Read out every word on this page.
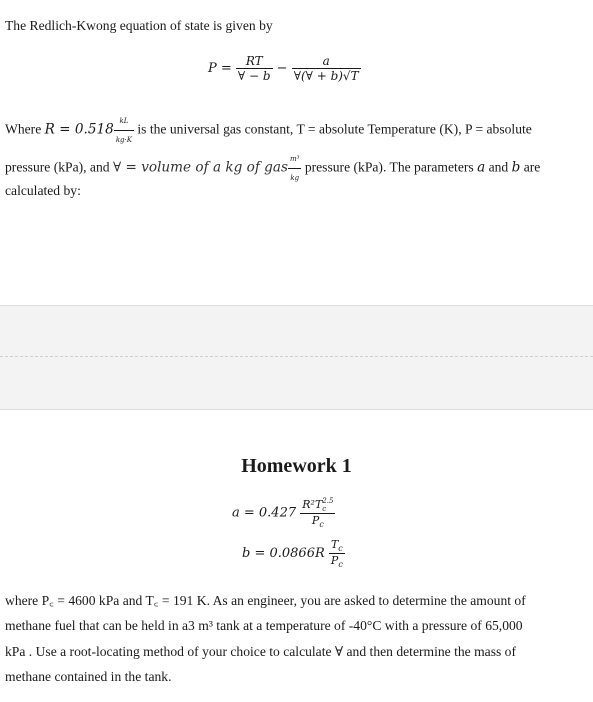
The Redlich-Kwong equation of state is given by
$P = \frac{RT}{\forall - b} - \frac{a}{\forall(\forall + b)√T}$
Where $R = 0.518 \frac{kL}{kg\cdot K}$ is the universal gas constant, T = absolute Temperature (K), P = absolute
pressure (kPa), and ∀ = volume of a kg of gas $\frac{\text{m³}}{kg}$ pressure (kPa). The parameters a and b are
calculated by:
Homework 1
a = 0.427 R²T 2.5
c
$P_c$
$b = 0.0866R \frac{T_c}{P_c}$
where P꜀ = 4600 kPa and T꜀ = 191 K. As an engineer, you are asked to determine the amount of
methane fuel that can be held in a3 m³ tank at a temperature of -40°C with a pressure of 65,000
kPa . Use a root-locating method of your choice to calculate ∀ and then determine the mass of
methane contained in the tank.
